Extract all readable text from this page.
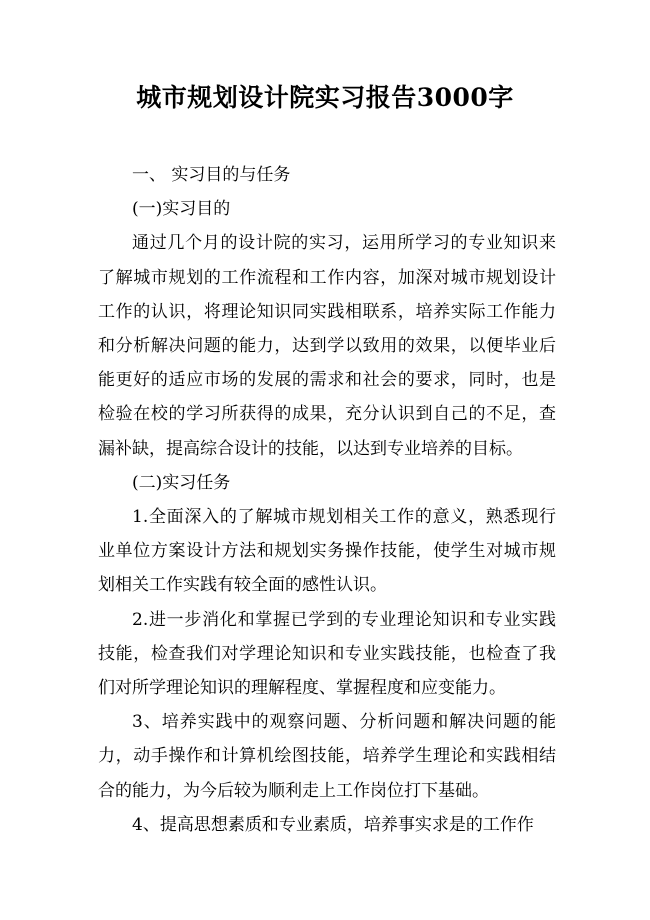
城市规划设计院实习报告3000字

一、 实习目的与任务

(一)实习目的

通过几个月的设计院的实习，运用所学习的专业知识来了解城市规划的工作流程和工作内容，加深对城市规划设计工作的认识，将理论知识同实践相联系，培养实际工作能力和分析解决问题的能力，达到学以致用的效果，以便毕业后能更好的适应市场的发展的需求和社会的要求，同时，也是检验在校的学习所获得的成果，充分认识到自己的不足，查漏补缺，提高综合设计的技能，以达到专业培养的目标。

(二)实习任务

1.全面深入的了解城市规划相关工作的意义，熟悉现行业单位方案设计方法和规划实务操作技能，使学生对城市规划相关工作实践有较全面的感性认识。

2.进一步消化和掌握已学到的专业理论知识和专业实践技能，检查我们对学理论知识和专业实践技能，也检查了我们对所学理论知识的理解程度、掌握程度和应变能力。

3、培养实践中的观察问题、分析问题和解决问题的能力，动手操作和计算机绘图技能，培养学生理论和实践相结合的能力，为今后较为顺利走上工作岗位打下基础。

4、提高思想素质和专业素质，培养事实求是的工作作
